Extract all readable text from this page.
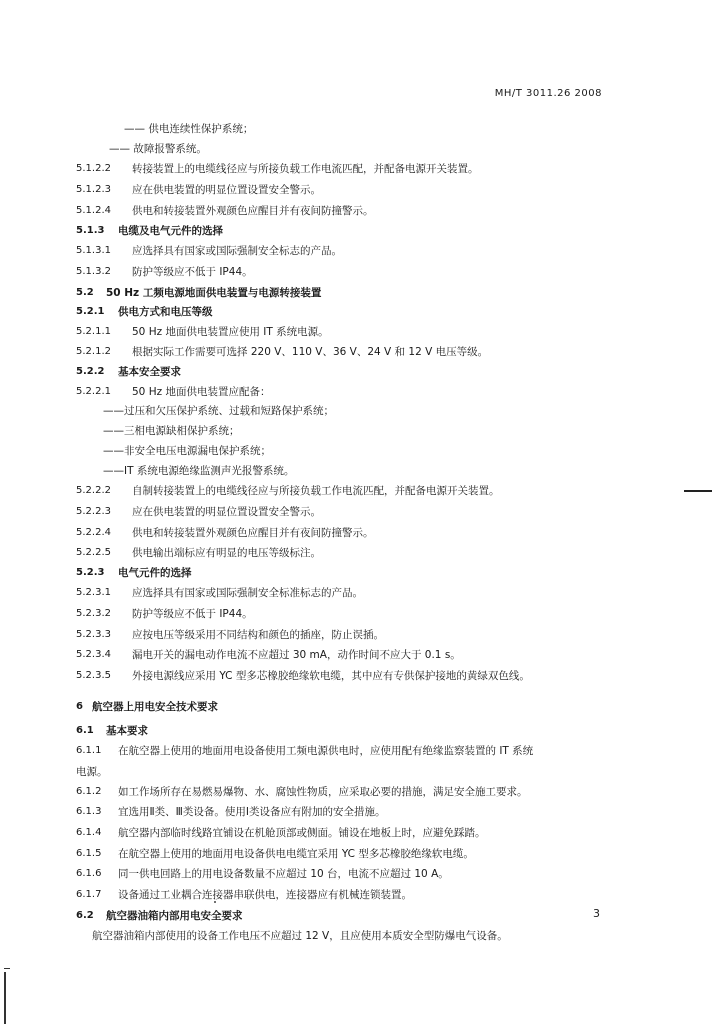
MH/T 3011.26 2008
—— 供电连续性保护系统；
—— 故障报警系统。
5.1.2.2 转接装置上的电缆线径应与所接负载工作电流匹配，并配备电源开关装置。
5.1.2.3 应在供电装置的明显位置设置安全警示。
5.1.2.4 供电和转接装置外观颜色应醒目并有夜间防撞警示。
5.1.3 电缆及电气元件的选择
5.1.3.1 应选择具有国家或国际强制安全标志的产品。
5.1.3.2 防护等级应不低于 IP44。
5.2 50 Hz 工频电源地面供电装置与电源转接装置
5.2.1 供电方式和电压等级
5.2.1.1 50 Hz 地面供电装置应使用 IT 系统电源。
5.2.1.2 根据实际工作需要可选择 220 V、110 V、36 V、24 V 和 12 V 电压等级。
5.2.2 基本安全要求
5.2.2.1 50 Hz 地面供电装置应配备：
——过压和欠压保护系统、过载和短路保护系统；
——三相电源缺相保护系统；
——非安全电压电源漏电保护系统；
——IT 系统电源绝缘监测声光报警系统。
5.2.2.2 自制转接装置上的电缆线径应与所接负载工作电流匹配，并配备电源开关装置。
5.2.2.3 应在供电装置的明显位置设置安全警示。
5.2.2.4 供电和转接装置外观颜色应醒目并有夜间防撞警示。
5.2.2.5 供电输出端标应有明显的电压等级标注。
5.2.3 电气元件的选择
5.2.3.1 应选择具有国家或国际强制安全标准标志的产品。
5.2.3.2 防护等级应不低于 IP44。
5.2.3.3 应按电压等级采用不同结构和颜色的插座，防止误插。
5.2.3.4 漏电开关的漏电动作电流不应超过 30 mA，动作时间不应大于 0.1 s。
5.2.3.5 外接电源线应采用 YC 型多芯橡胶绝缘软电缆，其中应有专供保护接地的黄绿双色线。
6 航空器上用电安全技术要求
6.1 基本要求
6.1.1 在航空器上使用的地面用电设备使用工频电源供电时，应使用配有绝缘监察装置的 IT 系统
电源。
6.1.2 如工作场所存在易燃易爆物、水、腐蚀性物质，应采取必要的措施，满足安全施工要求。
6.1.3 宜选用Ⅱ类、Ⅲ类设备。使用Ⅰ类设备应有附加的安全措施。
6.1.4 航空器内部临时线路宜铺设在机舱顶部或侧面。铺设在地板上时，应避免踩踏。
6.1.5 在航空器上使用的地面用电设备供电电缆宜采用 YC 型多芯橡胶绝缘软电缆。
6.1.6 同一供电回路上的用电设备数量不应超过 10 台，电流不应超过 10 A。
6.1.7 设备通过工业耦合连接器串联供电，连接器应有机械连锁装置。
6.2 航空器油箱内部用电安全要求
航空器油箱内部使用的设备工作电压不应超过 12 V，且应使用本质安全型防爆电气设备。
3
